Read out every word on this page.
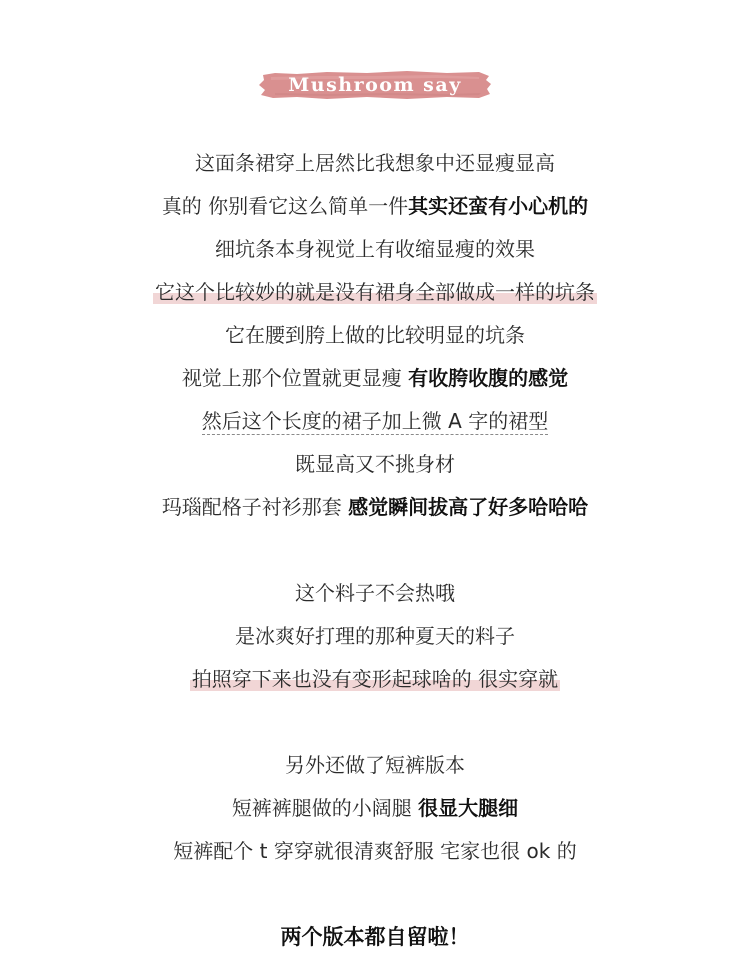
Mushroom say
这面条裙穿上居然比我想象中还显瘦显高
真的 你别看它这么简单一件其实还蛮有小心机的
细坑条本身视觉上有收缩显瘦的效果
它这个比较妙的就是没有裙身全部做成一样的坑条
它在腰到胯上做的比较明显的坑条
视觉上那个位置就更显瘦 有收胯收腹的感觉
然后这个长度的裙子加上微 A 字的裙型
既显高又不挑身材
玛瑙配格子衬衫那套 感觉瞬间拔高了好多哈哈哈
这个料子不会热哦
是冰爽好打理的那种夏天的料子
拍照穿下来也没有变形起球啥的 很实穿就
另外还做了短裤版本
短裤裤腿做的小阔腿 很显大腿细
短裤配个 t 穿穿就很清爽舒服 宅家也很 ok 的
两个版本都自留啦！
